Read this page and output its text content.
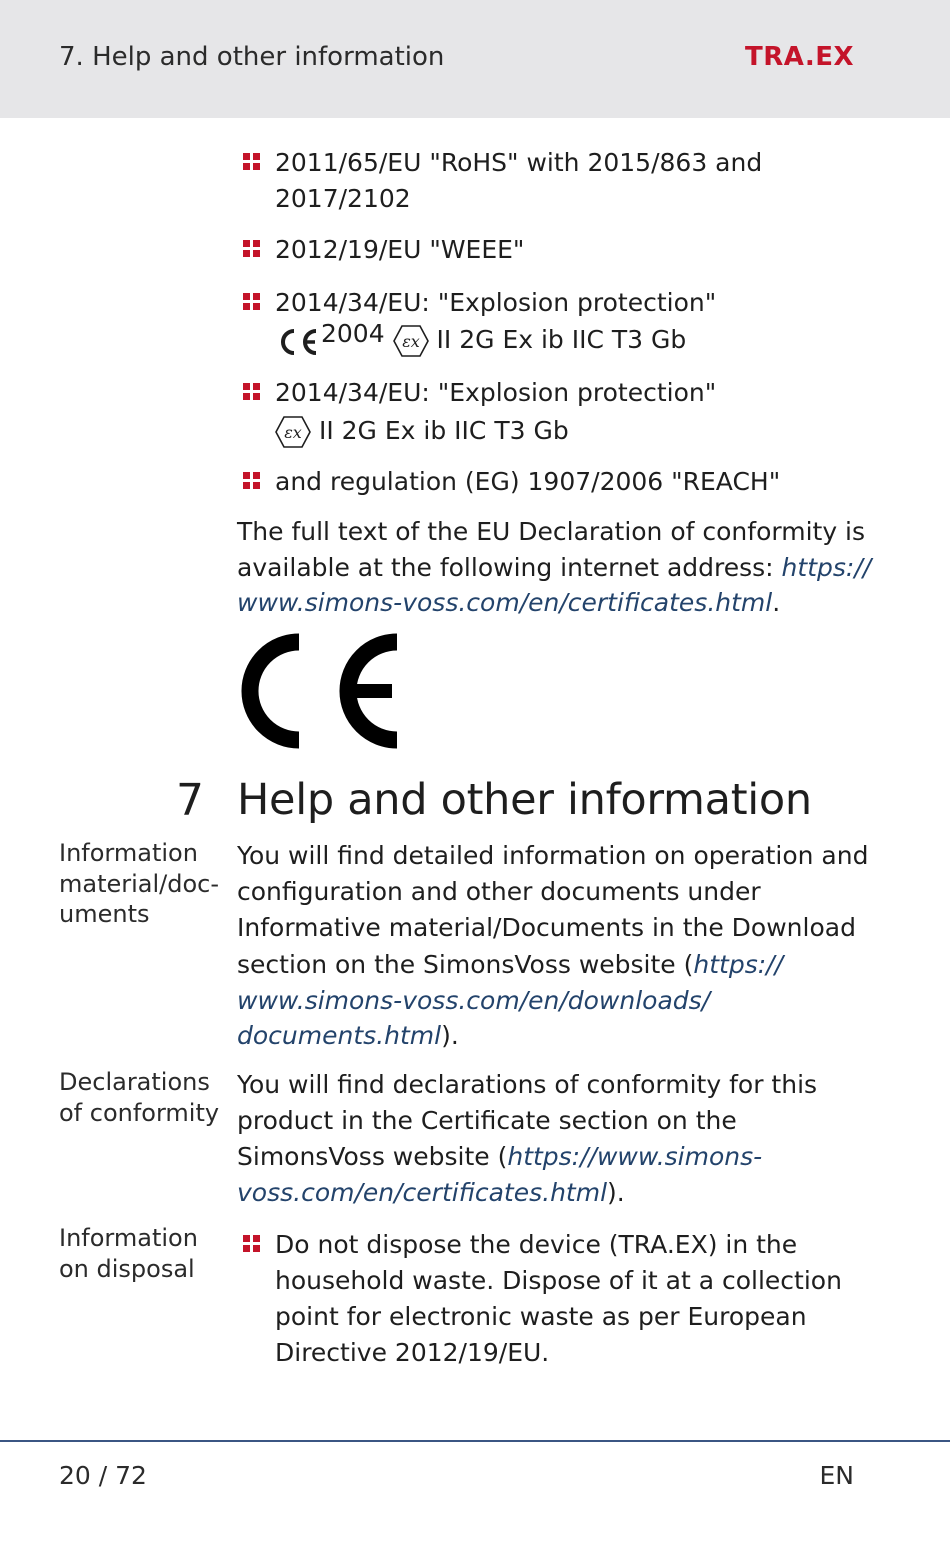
7. Help and other information	TRA.EX
2011/65/EU "RoHS" with 2015/863 and
2017/2102
2012/19/EU "WEEE"
2014/34/EU: "Explosion protection"
2004 εx II 2G Ex ib IIC T3 Gb
2014/34/EU: "Explosion protection"
εx II 2G Ex ib IIC T3 Gb
and regulation (EG) 1907/2006 "REACH"
The full text of the EU Declaration of conformity is
available at the following internet address: https://
www.simons-voss.com/en/certificates.html.
7 Help and other information
Information
material/doc-
uments
You will find detailed information on operation and
configuration and other documents under
Informative material/Documents in the Download
section on the SimonsVoss website (https://
www.simons-voss.com/en/downloads/
documents.html).
Declarations
of conformity
You will find declarations of conformity for this
product in the Certificate section on the
SimonsVoss website (https://www.simons-
voss.com/en/certificates.html).
Information
on disposal
Do not dispose the device (TRA.EX) in the
household waste. Dispose of it at a collection
point for electronic waste as per European
Directive 2012/19/EU.
20 / 72	EN
